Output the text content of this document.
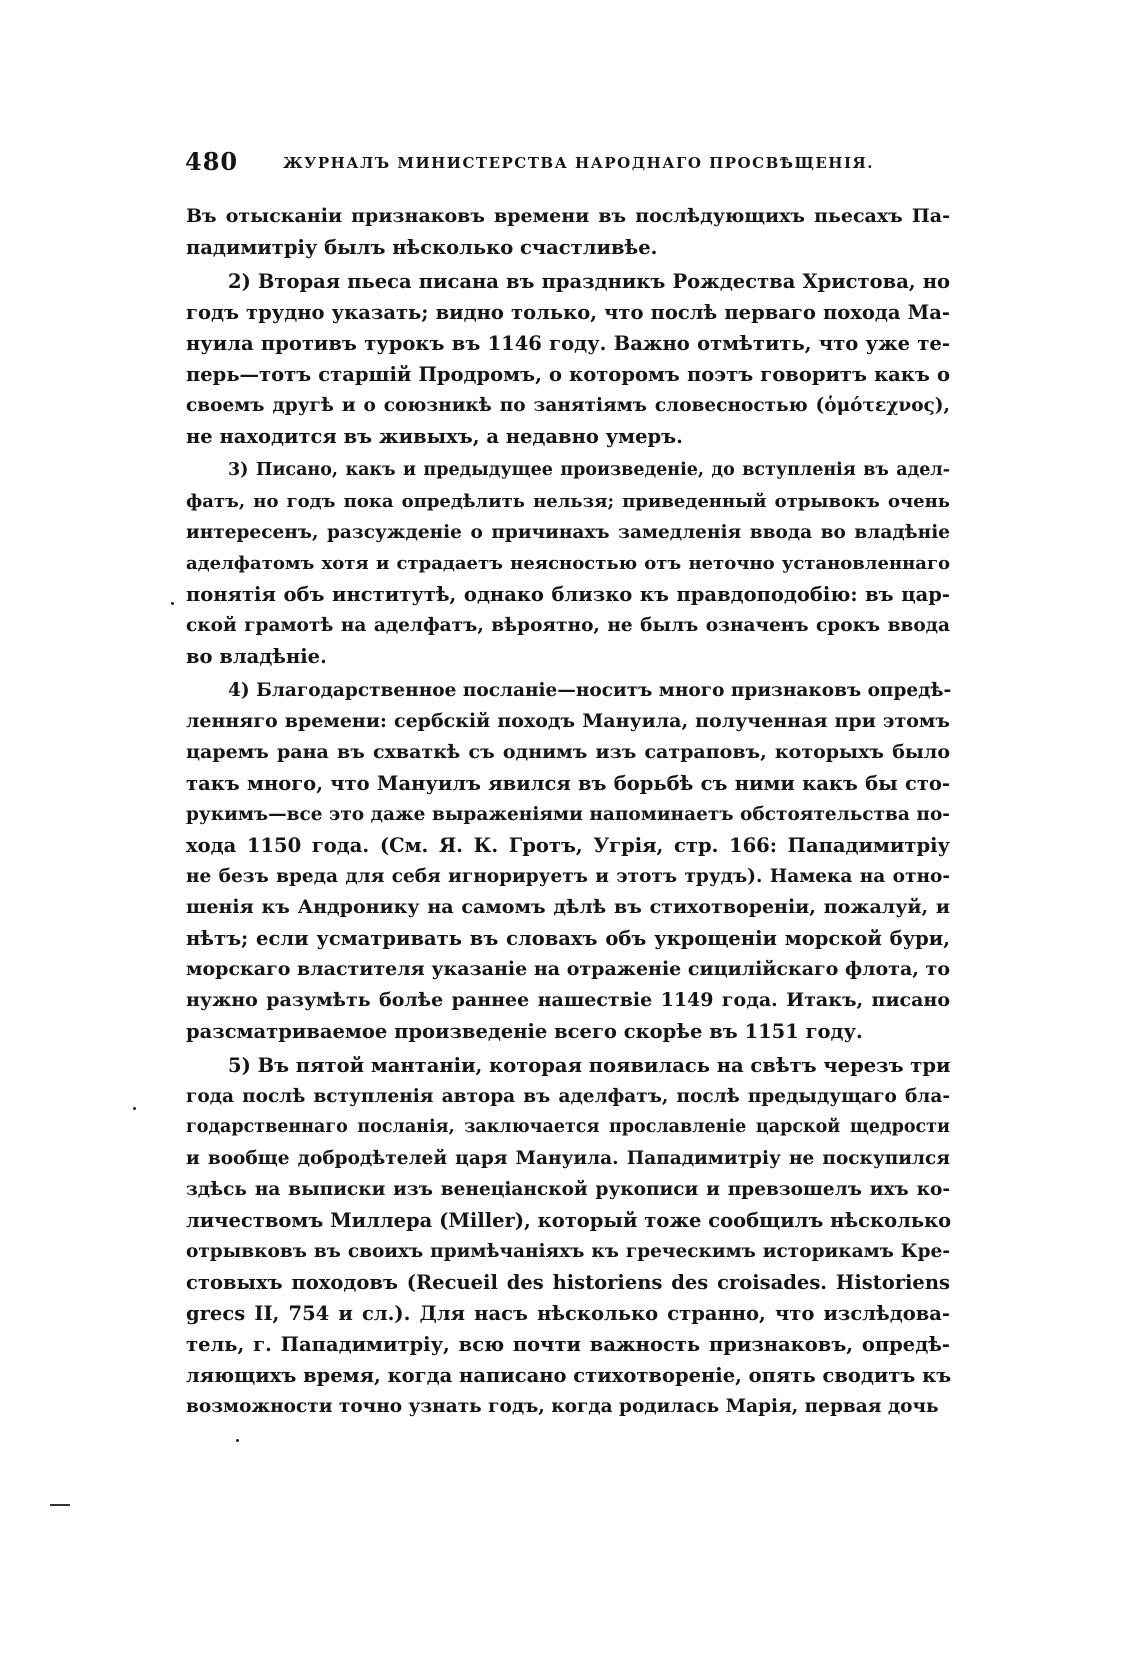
480	ЖУРНАЛЪ МИНИСТЕРСТВА НАРОДНАГО ПРОСВѢЩЕНІЯ.
Въ отысканіи признаковъ времени въ послѣдующихъ пьесахъ Па-
падимитріу былъ нѣсколько счастливѣе.
2) Вторая пьеса писана въ праздникъ Рождества Христова, но
годъ трудно указать; видно только, что послѣ перваго похода Ма-
нуила противъ турокъ въ 1146 году. Важно отмѣтить, что уже те-
перь—тотъ старшій Продромъ, о которомъ поэтъ говоритъ какъ о
своемъ другѣ и о союзникѣ по занятіямъ словесностью (ὁμότεχνος),
не находится въ живыхъ, а недавно умеръ.
3) Писано, какъ и предыдущее произведеніе, до вступленія въ адел-
фатъ, но годъ пока опредѣлить нельзя; приведенный отрывокъ очень
интересенъ, разсужденіе о причинахъ замедленія ввода во владѣніе
аделфатомъ хотя и страдаетъ неясностью отъ неточно установленнаго
понятія объ институтѣ, однако близко къ правдоподобію: въ цар-
ской грамотѣ на аделфатъ, вѣроятно, не былъ означенъ срокъ ввода
во владѣніе.
4) Благодарственное посланіе—носитъ много признаковъ опредѣ-
ленняго времени: сербскій походъ Мануила, полученная при этомъ
царемъ рана въ схваткѣ съ однимъ изъ сатраповъ, которыхъ было
такъ много, что Мануилъ явился въ борьбѣ съ ними какъ бы сто-
рукимъ—все это даже выраженіями напоминаетъ обстоятельства по-
хода 1150 года. (См. Я. К. Гротъ, Угрія, стр. 166: Пападимитріу
не безъ вреда для себя игнорируетъ и этотъ трудъ). Намека на отно-
шенія къ Андронику на самомъ дѣлѣ въ стихотвореніи, пожалуй, и
нѣтъ; если усматривать въ словахъ объ укрощеніи морской бури,
морскаго властителя указаніе на отраженіе сицилійскаго флота, то
нужно разумѣть болѣе раннее нашествіе 1149 года. Итакъ, писано
разсматриваемое произведеніе всего скорѣе въ 1151 году.
5) Въ пятой мантаніи, которая появилась на свѣтъ черезъ три
года послѣ вступленія автора въ аделфатъ, послѣ предыдущаго бла-
годарственнаго посланія, заключается прославленіе царской щедрости
и вообще добродѣтелей царя Мануила. Пападимитріу не поскупился
здѣсь на выписки изъ венеціанской рукописи и превзошелъ ихъ ко-
личествомъ Миллера (Miller), который тоже сообщилъ нѣсколько
отрывковъ въ своихъ примѣчаніяхъ къ греческимъ историкамъ Кре-
стовыхъ походовъ (Recueil des historiens des croisades. Historiens
grecs II, 754 и сл.). Для насъ нѣсколько странно, что изслѣдова-
тель, г. Пападимитріу, всю почти важность признаковъ, опредѣ-
ляющихъ время, когда написано стихотвореніе, опять сводитъ къ
возможности точно узнать годъ, когда родилась Марія, первая дочь
